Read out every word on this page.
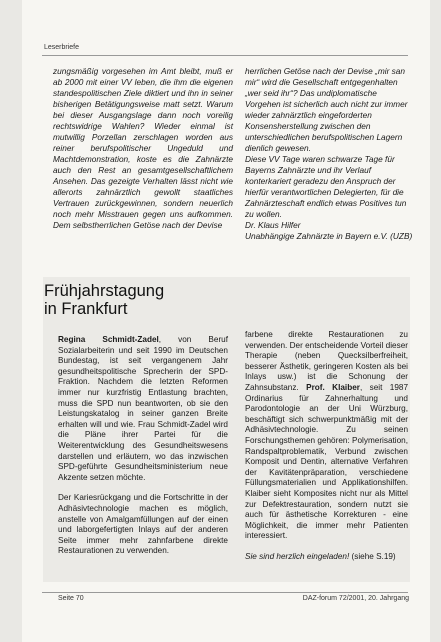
Leserbriefe

zungsmäßig vorgesehen im Amt bleibt, muß er ab 2000 mit einer VV leben, die ihm die eigenen standespolitischen Ziele diktiert und ihn in seiner bisherigen Betätigungsweise matt setzt. Warum bei dieser Ausgangslage dann noch voreilig rechtswidrige Wahlen? Wieder einmal ist mutwillig Porzellan zerschlagen worden aus reiner berufspolitischer Ungeduld und Machtdemonstration, koste es die Zahnärzte auch den Rest an gesamtgesellschaftlichem Ansehen. Das gezeigte Verhalten lässt nicht wie allerorts zahnärztlich gewollt staatliches Vertrauen zurückgewinnen, sondern neuerlich noch mehr Misstrauen gegen uns aufkommen. Dem selbstherrlichen Getöse nach der Devise

herrlichen Getöse nach der Devise „mir san mir“ wird die Gesellschaft entgegenhalten „wer seid ihr“? Das undiplomatische Vorgehen ist sicherlich auch nicht zur immer wieder zahnärztlich eingeforderten Konsensherstellung zwischen den unterschiedlichen berufspolitischen Lagern dienlich gewesen.

Diese VV Tage waren schwarze Tage für Bayerns Zahnärzte und ihr Verlauf konterkariert geradezu den Anspruch der hierfür verantwortlichen Delegierten, für die Zahnärzteschaft endlich etwas Positives tun zu wollen.

Dr. Klaus Hilfer

Unabhängige Zahnärzte in Bayern e.V. (UZB)

Frühjahrstagung
in Frankfurt

Regina Schmidt-Zadel, von Beruf Sozialarbeiterin und seit 1990 im Deutschen Bundestag, ist seit vergangenem Jahr gesundheitspolitische Sprecherin der SPD-Fraktion. Nachdem die letzten Reformen immer nur kurzfristig Entlastung brachten, muss die SPD nun beantworten, ob sie den Leistungskatalog in seiner ganzen Breite erhalten will und wie. Frau Schmidt-Zadel wird die Pläne ihrer Partei für die Weiterentwicklung des Gesundheitswesens darstellen und erläutern, wo das inzwischen SPD-geführte Gesundheitsministerium neue Akzente setzen möchte.

Der Kariesrückgang und die Fortschritte in der Adhäsivtechnologie machen es möglich, anstelle von Amalgamfüllungen auf der einen und laborgefertigten Inlays auf der anderen Seite immer mehr zahnfarbene direkte Restaurationen zu verwenden.

farbene direkte Restaurationen zu verwenden. Der entscheidende Vorteil dieser Therapie (neben Quecksilberfreiheit, besserer Ästhetik, geringeren Kosten als bei Inlays usw.) ist die Schonung der Zahnsubstanz. Prof. Klaiber, seit 1987 Ordinarius für Zahnerhaltung und Parodontologie an der Uni Würzburg, beschäftigt sich schwerpunktmäßig mit der Adhäsivtechnologie. Zu seinen Forschungsthemen gehören: Polymerisation, Randspaltproblematik, Verbund zwischen Komposit und Dentin, alternative Verfahren der Kavitätenpräparation, verschiedene Füllungsmaterialien und Applikationshilfen. Klaiber sieht Komposites nicht nur als Mittel zur Defektrestauration, sondern nutzt sie auch für ästhetische Korrekturen - eine Möglichkeit, die immer mehr Patienten interessiert.

Sie sind herzlich eingeladen! (siehe S.19)

Seite 70	DAZ-forum 72/2001, 20. Jahrgang
